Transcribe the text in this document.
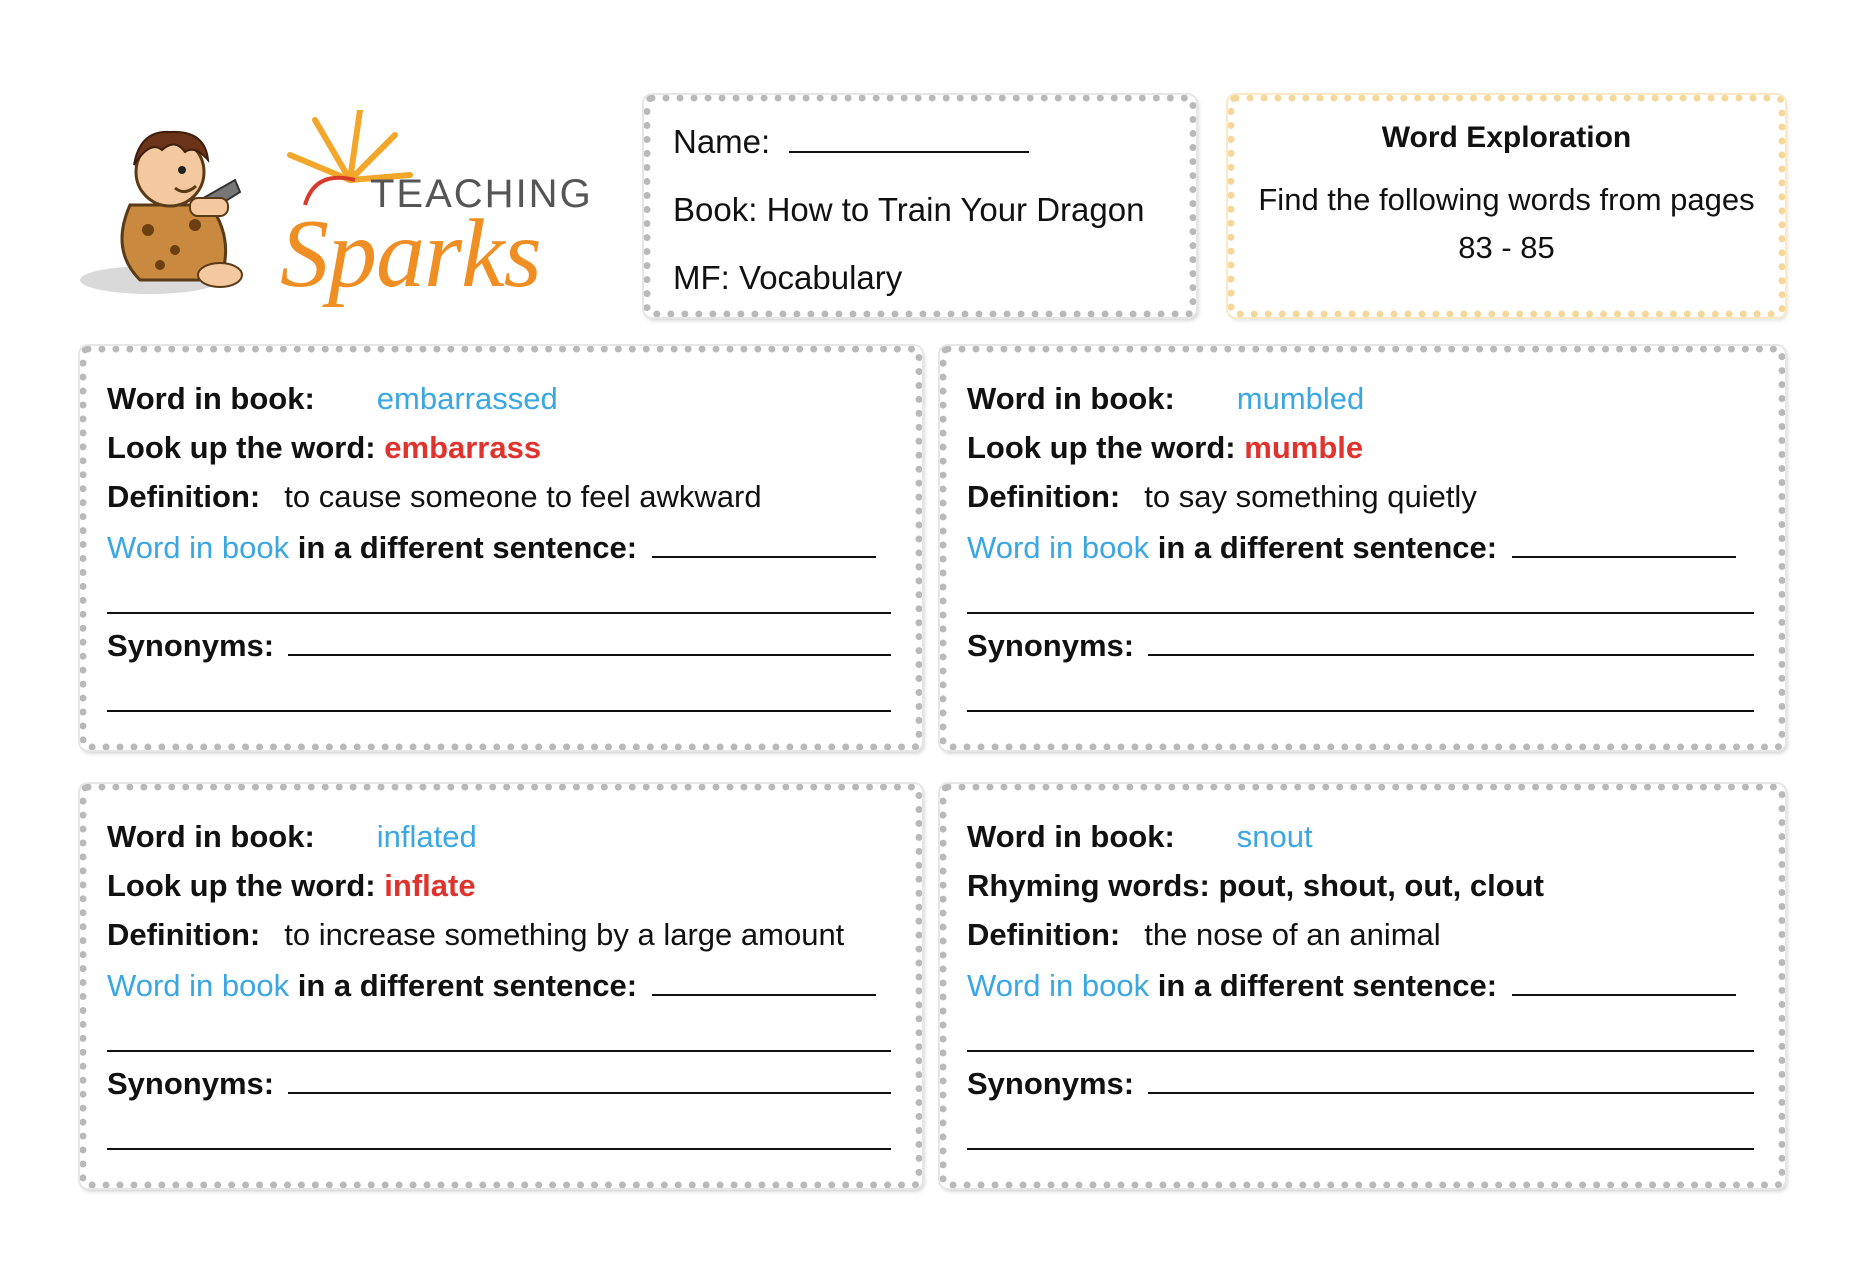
TEACHING
Sparks
Name:
Book: How to Train Your Dragon
MF: Vocabulary
Word Exploration
Find the following words from pages 83 - 85
Word in book: embarrassed
Look up the word: embarrass
Definition: to cause someone to feel awkward
Word in book in a different sentence:
Synonyms:
Word in book: mumbled
Look up the word: mumble
Definition: to say something quietly
Word in book in a different sentence:
Synonyms:
Word in book: inflated
Look up the word: inflate
Definition: to increase something by a large amount
Word in book in a different sentence:
Synonyms:
Word in book: snout
Rhyming words: pout, shout, out, clout
Definition: the nose of an animal
Word in book in a different sentence:
Synonyms:
